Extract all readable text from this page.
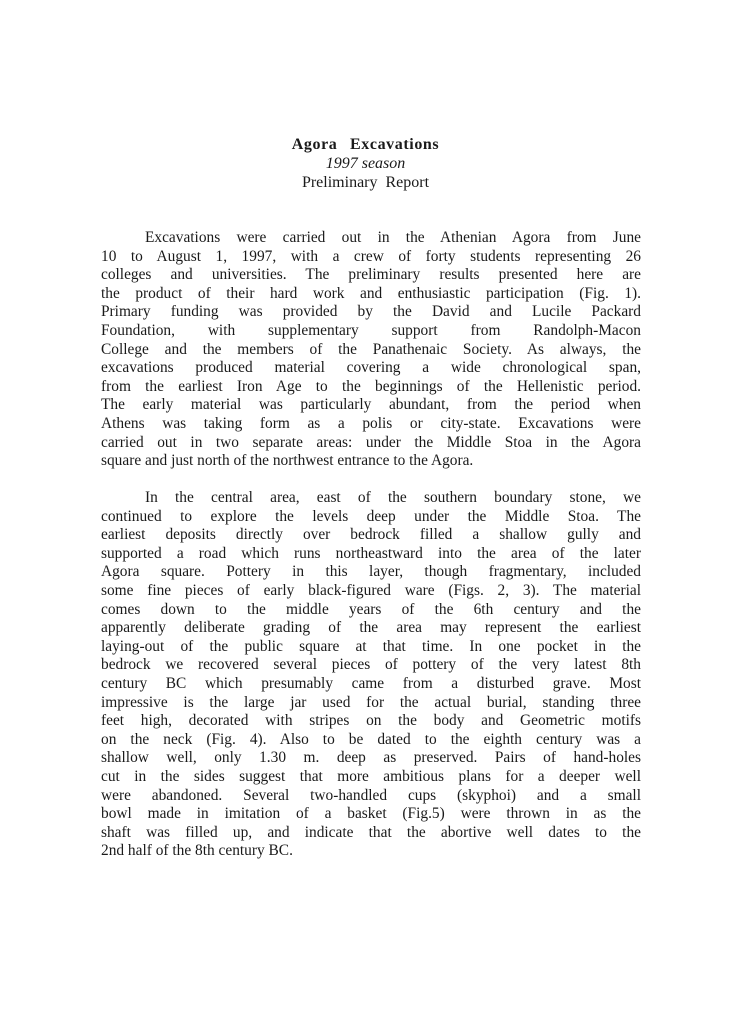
Agora Excavations
1997 season
Preliminary Report
Excavations were carried out in the Athenian Agora from June
10 to August 1, 1997, with a crew of forty students representing 26
colleges and universities. The preliminary results presented here are
the product of their hard work and enthusiastic participation (Fig. 1).
Primary funding was provided by the David and Lucile Packard
Foundation, with supplementary support from Randolph-Macon
College and the members of the Panathenaic Society. As always, the
excavations produced material covering a wide chronological span,
from the earliest Iron Age to the beginnings of the Hellenistic period.
The early material was particularly abundant, from the period when
Athens was taking form as a polis or city-state. Excavations were
carried out in two separate areas: under the Middle Stoa in the Agora
square and just north of the northwest entrance to the Agora.
In the central area, east of the southern boundary stone, we
continued to explore the levels deep under the Middle Stoa. The
earliest deposits directly over bedrock filled a shallow gully and
supported a road which runs northeastward into the area of the later
Agora square. Pottery in this layer, though fragmentary, included
some fine pieces of early black-figured ware (Figs. 2, 3). The material
comes down to the middle years of the 6th century and the
apparently deliberate grading of the area may represent the earliest
laying-out of the public square at that time. In one pocket in the
bedrock we recovered several pieces of pottery of the very latest 8th
century BC which presumably came from a disturbed grave. Most
impressive is the large jar used for the actual burial, standing three
feet high, decorated with stripes on the body and Geometric motifs
on the neck (Fig. 4). Also to be dated to the eighth century was a
shallow well, only 1.30 m. deep as preserved. Pairs of hand-holes
cut in the sides suggest that more ambitious plans for a deeper well
were abandoned. Several two-handled cups (skyphoi) and a small
bowl made in imitation of a basket (Fig.5) were thrown in as the
shaft was filled up, and indicate that the abortive well dates to the
2nd half of the 8th century BC.
